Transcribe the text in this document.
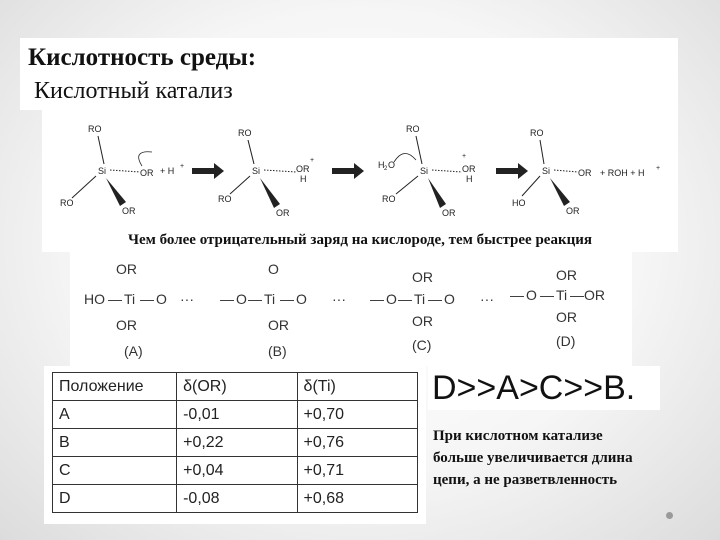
Кислотность среды:
Кислотный катализ
RO
Si	OR
RO
OR
+ H +
RO
Si	OR
H
+
RO
OR
RO
H 2 O
Si	OR
H
+
RO
OR
RO
Si	OR
HO
OR
+ ROH + H +
Чем более отрицательный заряд на кислороде, тем быстрее реакция
OR
HO — Ti — O
OR
(A)
···
O
— O — Ti — O
OR
(B)
···
OR
— O — Ti — O
OR
(C)
···
OR
— O — Ti — OR
OR
(D)
Положение	δ(OR)	δ(Ti)
A	-0,01	+0,70
B	+0,22	+0,76
C	+0,04	+0,71
D	-0,08	+0,68
D>>A>C>>B.
При кислотном катализе
больше увеличивается длина
цепи, а не разветвленность
